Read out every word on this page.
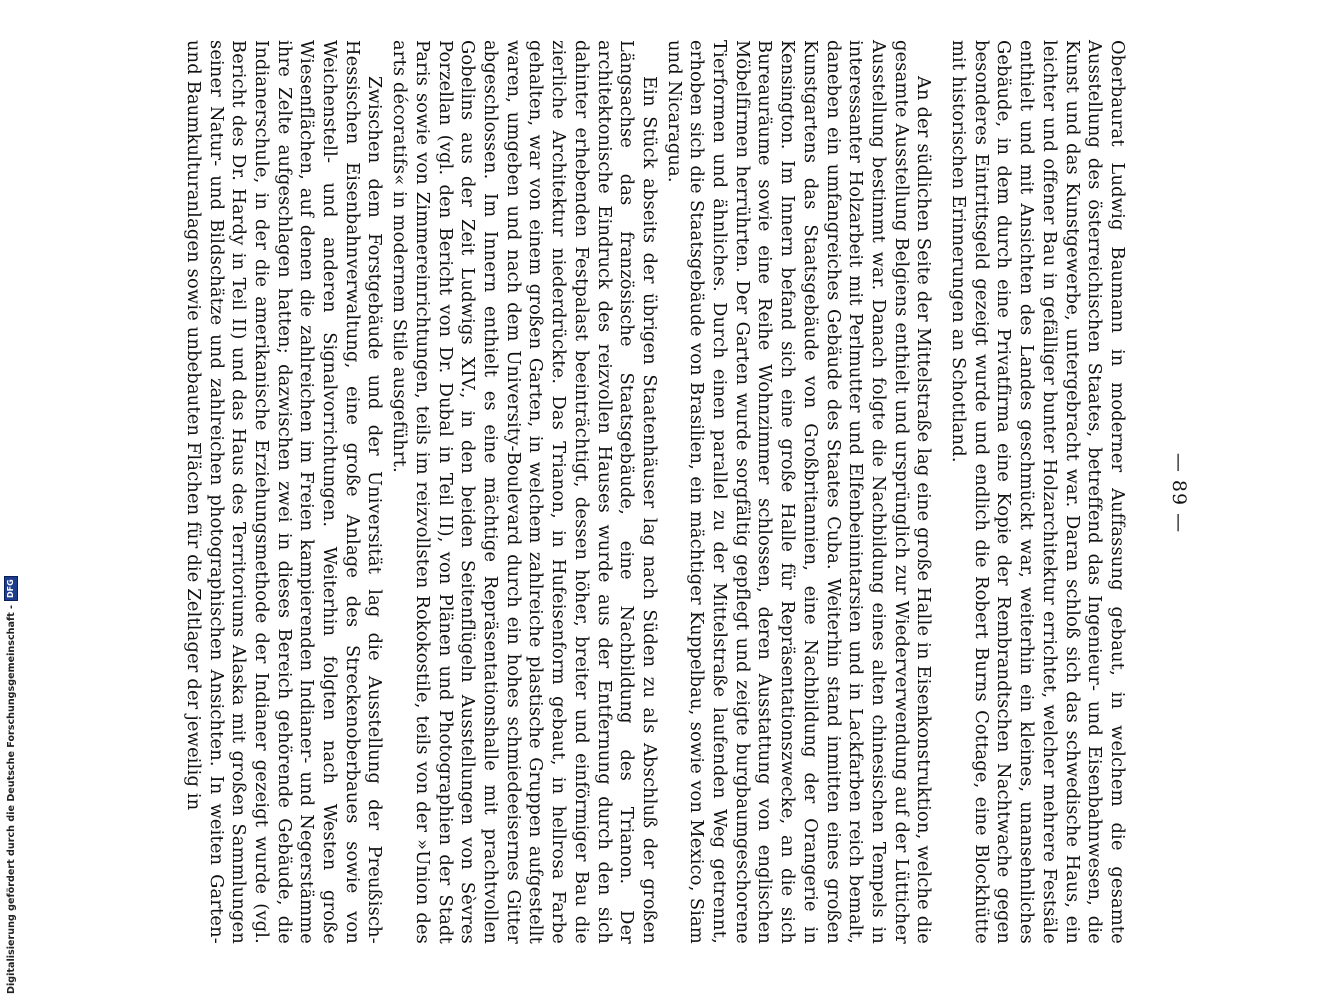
— 89 —

Oberbaurat Ludwig Baumann in moderner Auffassung gebaut, in welchem die gesamte Ausstellung des österreichischen Staates, betreffend das Ingenieur- und Eisenbahnwesen, die Kunst und das Kunstgewerbe, untergebracht war. Daran schloß sich das schwedische Haus, ein leichter und offener Bau in gefälliger bunter Holzarchitektur errichtet, welcher mehrere Festsäle enthielt und mit Ansichten des Landes geschmückt war, weiterhin ein kleines, unansehnliches Gebäude, in dem durch eine Privatfirma eine Kopie der Rembrandtschen Nachtwache gegen besonderes Eintrittsgeld gezeigt wurde und endlich die Robert Burns Cottage, eine Blockhütte mit historischen Erinnerungen an Schottland.

An der südlichen Seite der Mittelstraße lag eine große Halle in Eisenkonstruktion, welche die gesamte Ausstellung Belgiens enthielt und ursprünglich zur Wiederverwendung auf der Lütticher Ausstellung bestimmt war. Danach folgte die Nachbildung eines alten chinesischen Tempels in interessanter Holzarbeit mit Perlmutter und Elfenbeinintarsien und in Lackfarben reich bemalt, daneben ein umfangreiches Gebäude des Staates Cuba. Weiterhin stand inmitten eines großen Kunstgartens das Staatsgebäude von Großbritannien, eine Nachbildung der Orangerie in Kensington. Im Innern befand sich eine große Halle für Repräsentationszwecke, an die sich Bureauräume sowie eine Reihe Wohnzimmer schlossen, deren Ausstattung von englischen Möbelfirmen herrührten. Der Garten wurde sorgfältig gepflegt und zeigte burgbaumgeschorene Tierformen und ähnliches. Durch einen parallel zu der Mittelstraße laufenden Weg getrennt, erhoben sich die Staatsgebäude von Brasilien, ein mächtiger Kuppelbau, sowie von Mexico, Siam und Nicaragua.

Ein Stück abseits der übrigen Staatenhäuser lag nach Süden zu als Abschluß der großen Längsachse das französische Staatsgebäude, eine Nachbildung des Trianon. Der architektonische Eindruck des reizvollen Hauses wurde aus der Entfernung durch den sich dahinter erhebenden Festpalast beeinträchtigt, dessen höher, breiter und einförmiger Bau die zierliche Architektur niederdrückte. Das Trianon, in Hufeisenform gebaut, in hellrosa Farbe gehalten, war von einem großen Garten, in welchem zahlreiche plastische Gruppen aufgestellt waren, umgeben und nach dem University-Boulevard durch ein hohes schmiedeeisernes Gitter abgeschlossen. Im Innern enthielt es eine mächtige Repräsentationshalle mit prachtvollen Gobelins aus der Zeit Ludwigs XIV., in den beiden Seitenflügeln Ausstellungen von Sèvres Porzellan (vgl. den Bericht von Dr. Dubal in Teil II), von Plänen und Photographien der Stadt Paris sowie von Zimmereinrichtungen, teils im reizvollsten Rokokostile, teils von der »Union des arts décoratifs« in modernem Stile ausgeführt.

Zwischen dem Forstgebäude und der Universität lag die Ausstellung der Preußisch-Hessischen Eisenbahnverwaltung, eine große Anlage des Streckenoberbaues sowie von Weichenstell- und anderen Signalvorrichtungen. Weiterhin folgten nach Westen große Wiesenflächen, auf denen die zahlreichen im Freien kampierenden Indianer- und Negerstämme ihre Zelte aufgeschlagen hatten; dazwischen zwei in dieses Bereich gehörende Gebäude, die Indianerschule, in der die amerikanische Erziehungsmethode der Indianer gezeigt wurde (vgl. Bericht des Dr. Hardy in Teil II) und das Haus des Territoriums Alaska mit großen Sammlungen seiner Natur- und Bildschätze und zahlreichen photographischen Ansichten. In weiten Garten- und Baumkulturanlagen sowie unbebauten Flächen für die Zeltlager der jeweilig in

Digitalisierung gefördert durch die Deutsche Forschungsgemeinschaft -
DFG
